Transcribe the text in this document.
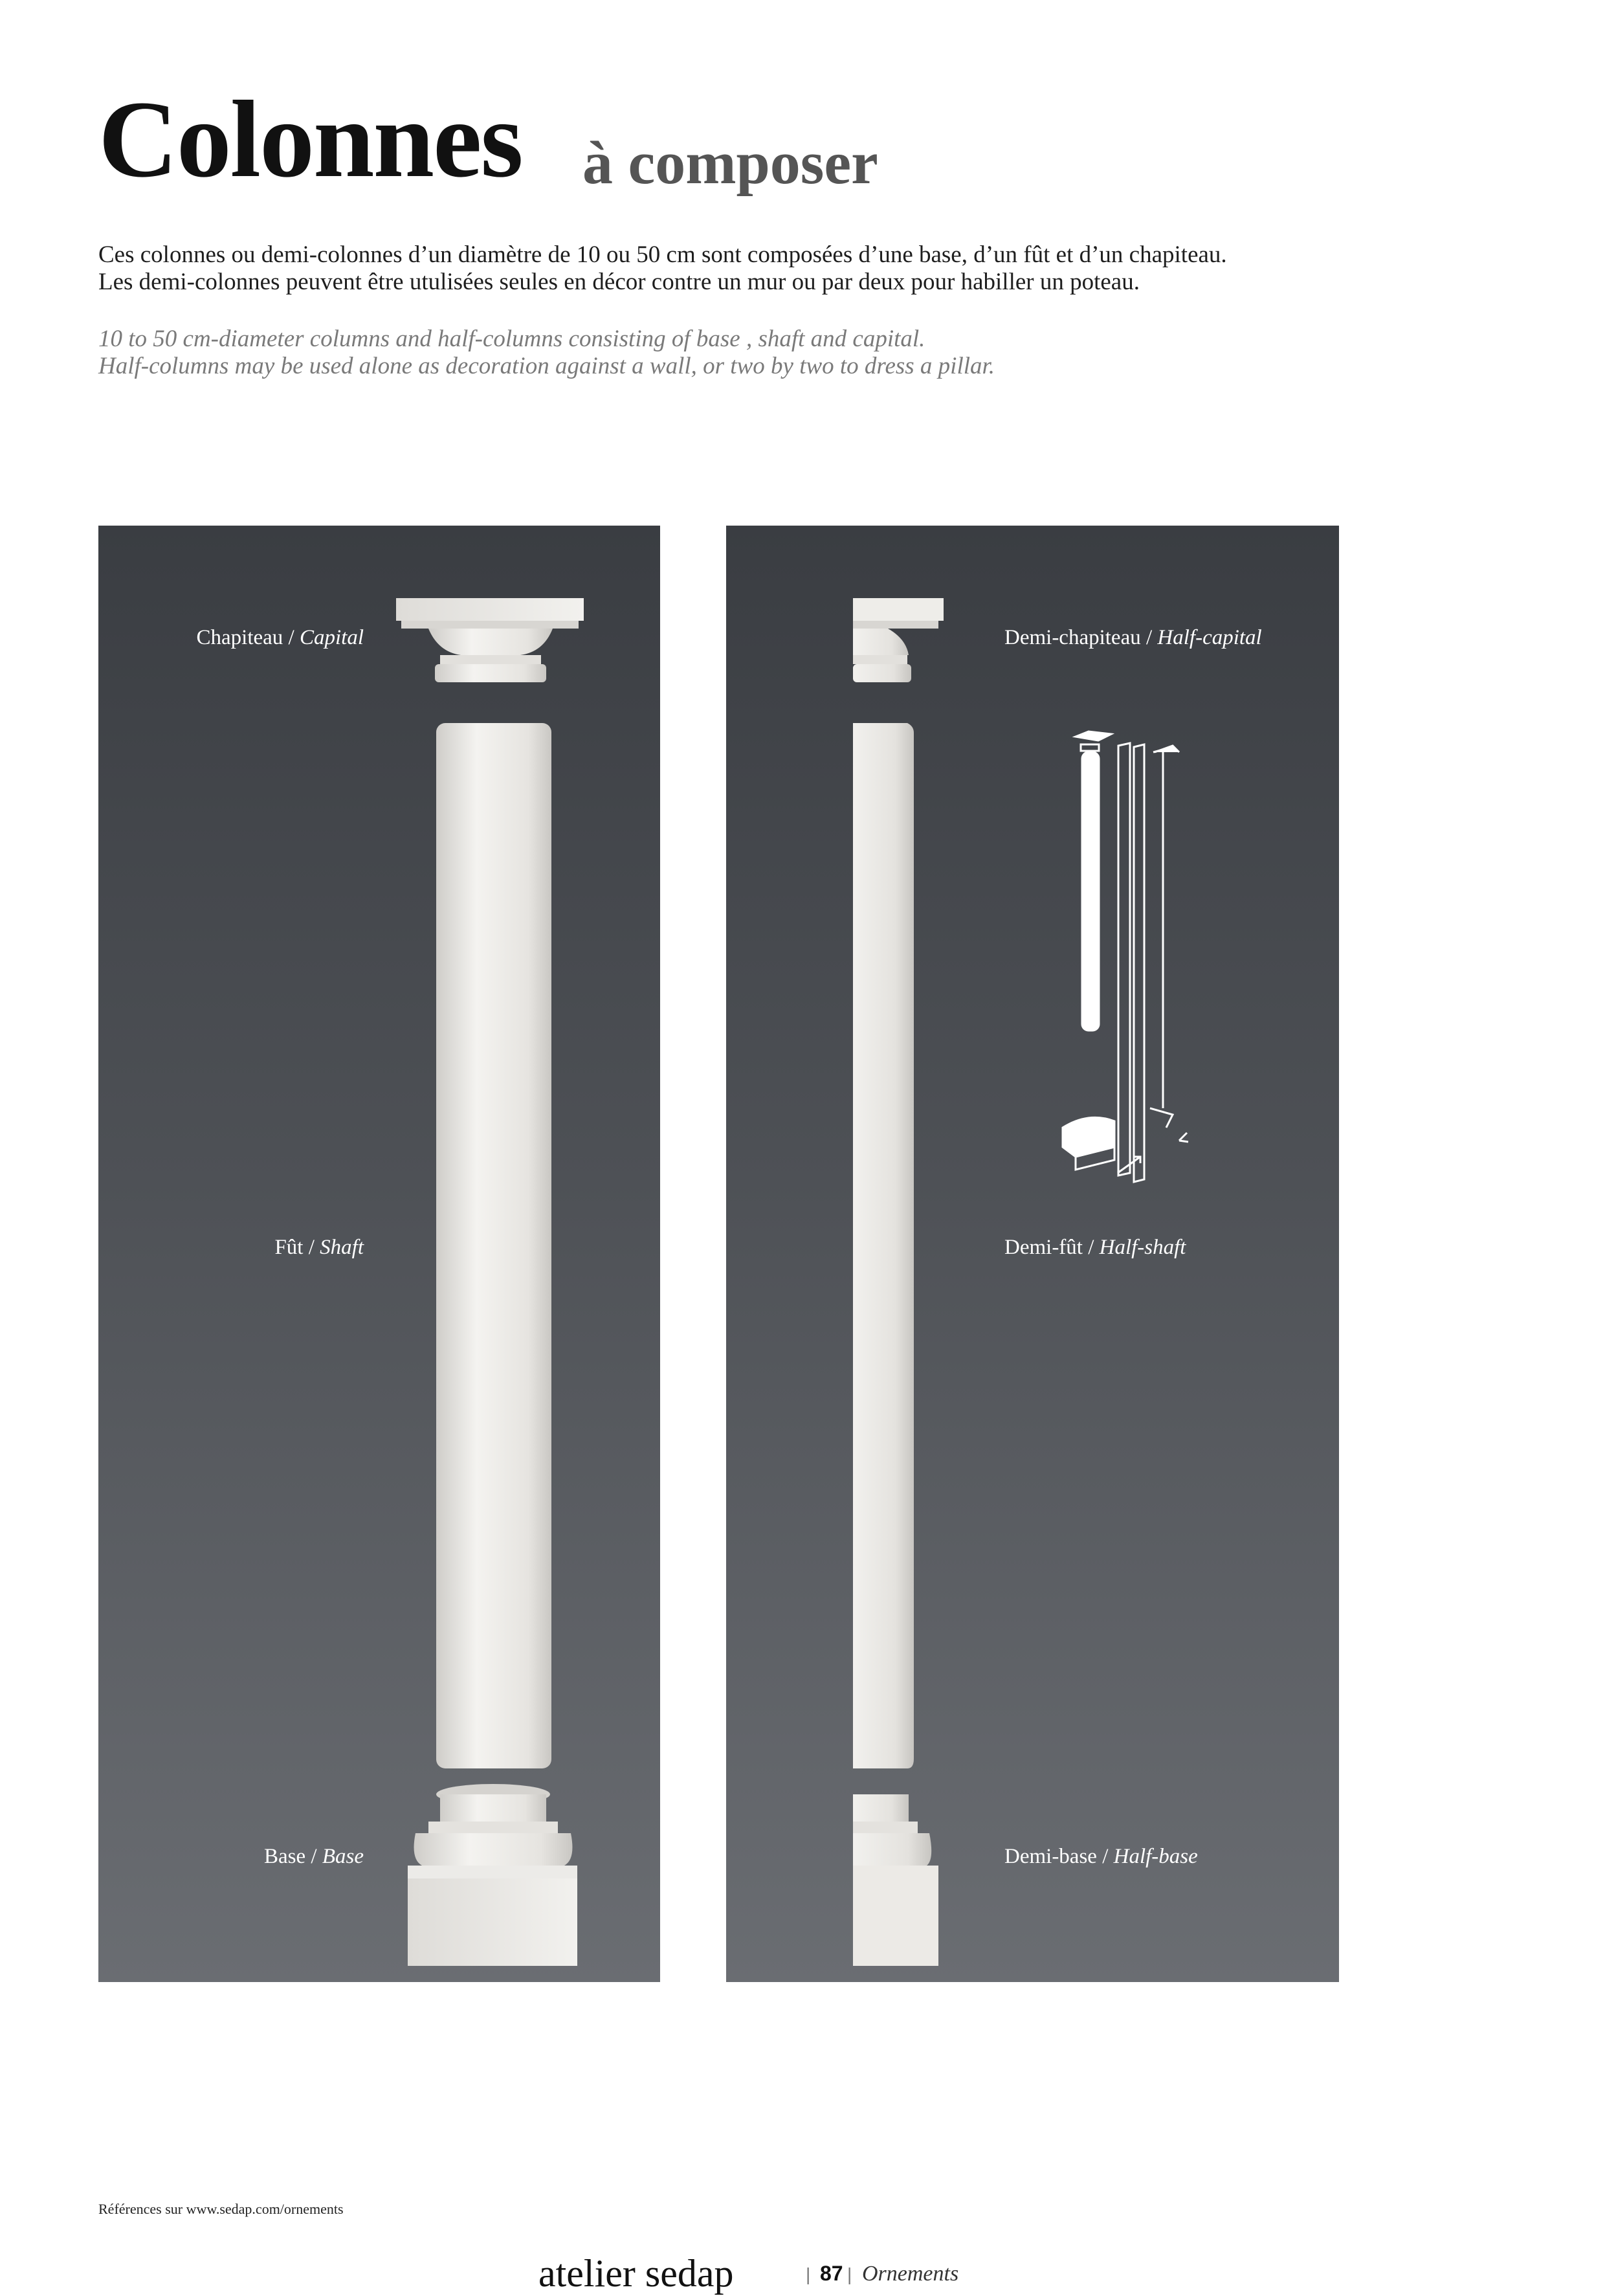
Colonnes à composer
Ces colonnes ou demi-colonnes d’un diamètre de 10 ou 50 cm sont composées d’une base, d’un fût et d’un chapiteau.
Les demi-colonnes peuvent être utulisées seules en décor contre un mur ou par deux pour habiller un poteau.
10 to 50 cm-diameter columns and half-columns consisting of base , shaft and capital.
Half-columns may be used alone as decoration against a wall, or two by two to dress a pillar.
Chapiteau / Capital
Fût / Shaft
Base / Base
Demi-chapiteau / Half-capital
Demi-fût / Half-shaft
Demi-base / Half-base
Références sur www.sedap.com/ornements
atelier sedap	| 87 | Ornements
